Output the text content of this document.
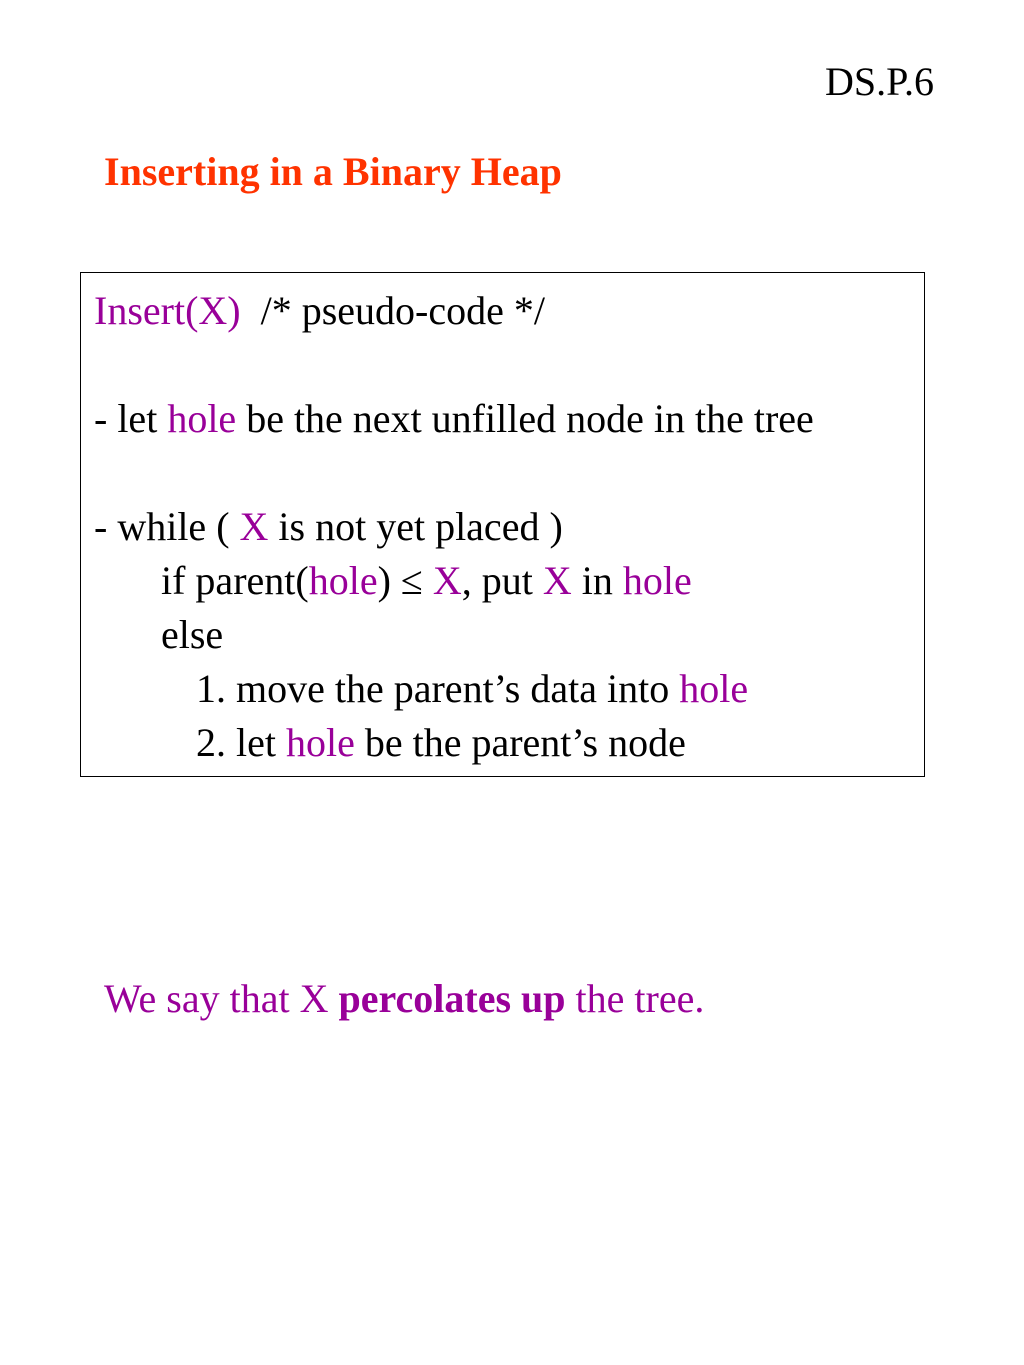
DS.P.6
Inserting in a Binary Heap
Insert(X) /* pseudo-code */
- let hole be the next unfilled node in the tree
- while ( X is not yet placed )
if parent(hole) ≤ X, put X in hole
else
1. move the parent’s data into hole
2. let hole be the parent’s node
We say that X percolates up the tree.
